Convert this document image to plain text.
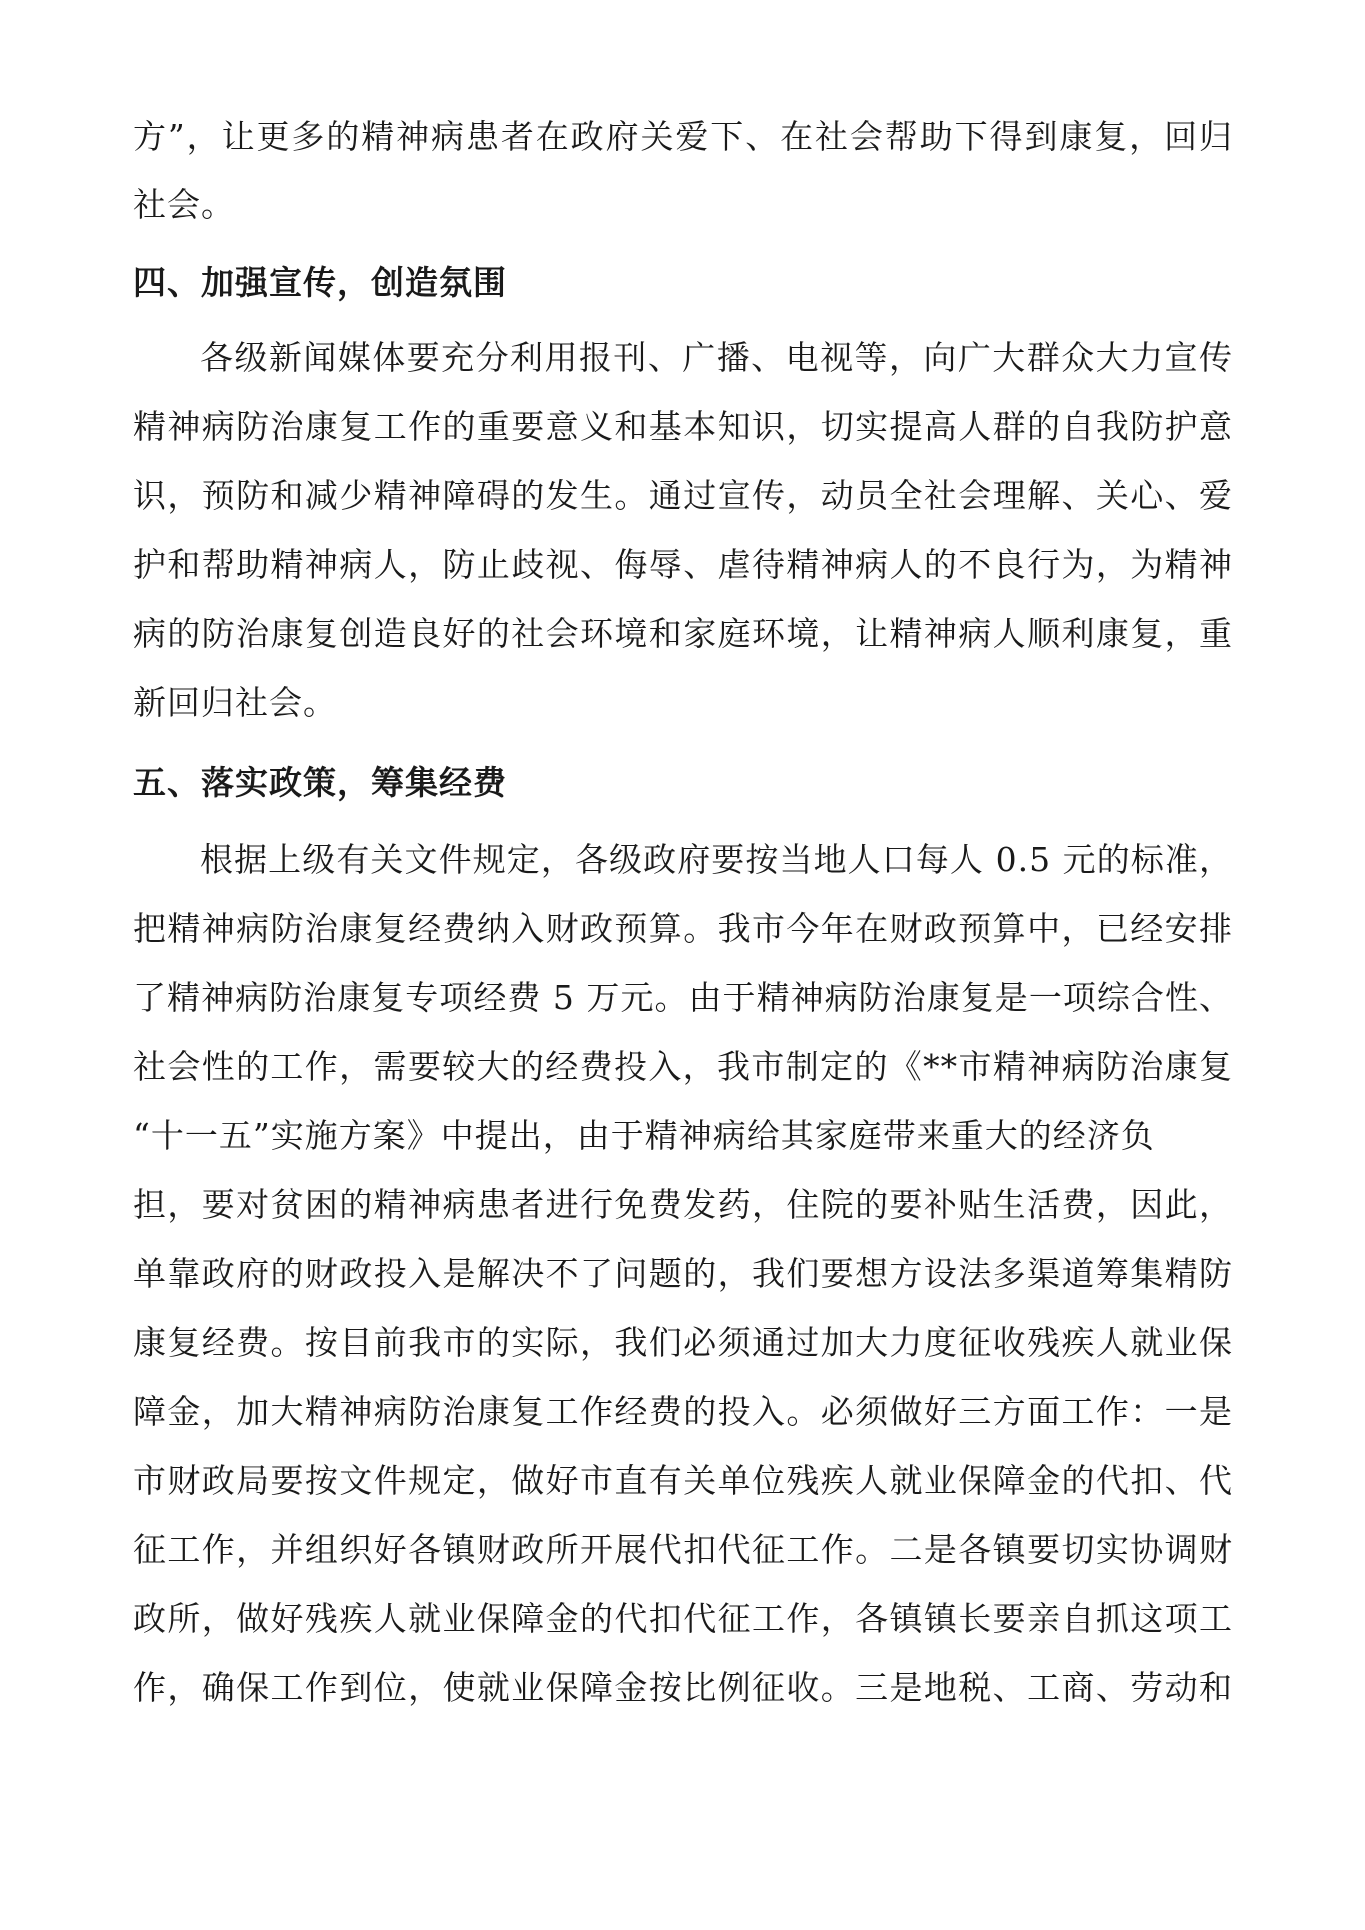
方”，让更多的精神病患者在政府关爱下、在社会帮助下得到康复，回归
社会。
四、加强宣传，创造氛围
各级新闻媒体要充分利用报刊、广播、电视等，向广大群众大力宣传
精神病防治康复工作的重要意义和基本知识，切实提高人群的自我防护意
识，预防和减少精神障碍的发生。通过宣传，动员全社会理解、关心、爱
护和帮助精神病人，防止歧视、侮辱、虐待精神病人的不良行为，为精神
病的防治康复创造良好的社会环境和家庭环境，让精神病人顺利康复，重
新回归社会。
五、落实政策，筹集经费
根据上级有关文件规定，各级政府要按当地人口每人 0.5 元的标准，
把精神病防治康复经费纳入财政预算。我市今年在财政预算中，已经安排
了精神病防治康复专项经费 5 万元。由于精神病防治康复是一项综合性、
社会性的工作，需要较大的经费投入，我市制定的《**市精神病防治康复
“十一五”实施方案》中提出，由于精神病给其家庭带来重大的经济负
担，要对贫困的精神病患者进行免费发药，住院的要补贴生活费，因此，
单靠政府的财政投入是解决不了问题的，我们要想方设法多渠道筹集精防
康复经费。按目前我市的实际，我们必须通过加大力度征收残疾人就业保
障金，加大精神病防治康复工作经费的投入。必须做好三方面工作：一是
市财政局要按文件规定，做好市直有关单位残疾人就业保障金的代扣、代
征工作，并组织好各镇财政所开展代扣代征工作。二是各镇要切实协调财
政所，做好残疾人就业保障金的代扣代征工作，各镇镇长要亲自抓这项工
作，确保工作到位，使就业保障金按比例征收。三是地税、工商、劳动和
